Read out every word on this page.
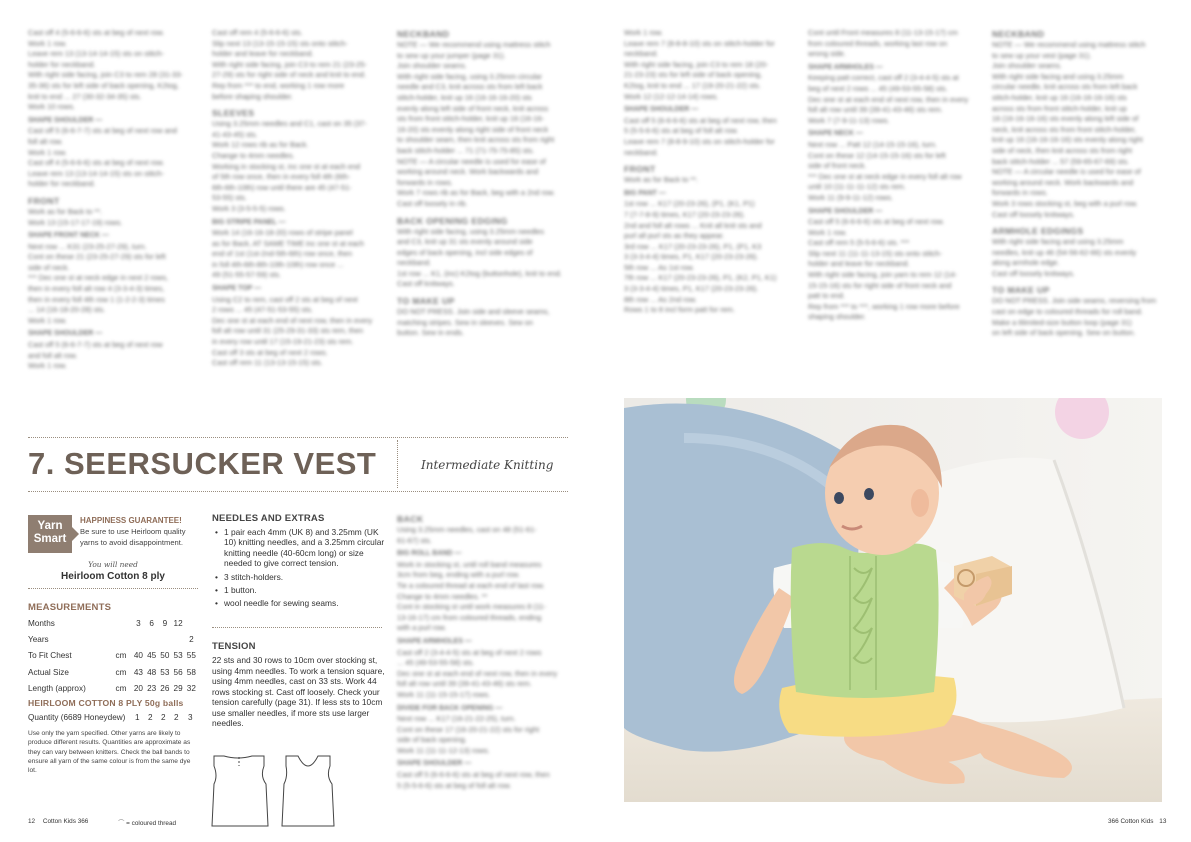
Cast off 4 (5-6-6-6) sts at beg of next row.
Work 1 row.
Leave rem 13 (13-14-14-15) sts on stitch-
holder for neckband.
With right side facing, join C3 to rem 28 (31-33-
35-36) sts for left side of back opening, K2tog,
knit to end ... 27 (30-32-34-35) sts.
Work 10 rows.
SHAPE SHOULDER —
Cast off 5 (6-6-7-7) sts at beg of next row and
foll alt row.
Work 1 row.
Cast off 4 (5-6-6-6) sts at beg of next row.
Leave rem 13 (13-14-14-15) sts on stitch-
holder for neckband.
FRONT
Work as for Back to **.
Work 13 (15-17-17-19) rows.
SHAPE FRONT NECK —
Next row ... K31 (23-25-27-29), turn.
Cont on these 21 (23-25-27-29) sts for left
side of neck.
*** Dec one st at neck edge in next 2 rows,
then in every foll alt row 4 (3-3-4-3) times,
then in every foll 4th row 1 (1-2-2-3) times
... 14 (16-18-20-28) sts.
Work 1 row.
SHAPE SHOULDER —
Cast off 5 (6-6-7-7) sts at beg of next row
and foll alt row.
Work 1 row.
Cast off rem 4 (5-6-6-6) sts.
Slip next 13 (13-15-15-15) sts onto stitch-
holder and leave for neckband.
With right side facing, join C3 to rem 21 (23-25-
27-29) sts for right side of neck and knit to end.
Rep from *** to end, working 1 row more
before shaping shoulder.
SLEEVES
Using 3.25mm needles and C1, cast on 35 (37-
41-43-45) sts.
Work 12 rows rib as for Back.
Change to 4mm needles.
Working in stocking st, inc one st at each end
of 5th row once, then in every foll 4th (6th-
6th-6th-10th) row until there are 45 (47-51-
53-55) sts.
Work 3 (3-5-5-5) rows.
BIG STRIPE PANEL —
Work 14 (16-16-18-20) rows of stripe panel
as for Back, AT SAME TIME inc one st at each
end of 1st (1st-2nd-5th-6th) row once, then
in foll 4th-6th-8th-10th-10th) row once ...
49 (51-55-57-59) sts.
SHAPE TOP —
Using C2 to rem, cast off 2 sts at beg of next
2 rows ... 45 (47-51-53-55) sts.
Dec one st at each end of next row, then in every
foll alt row until 31 (25-29-31-33) sts rem, then
in every row until 17 (15-19-21-23) sts rem.
Cast off 3 sts at beg of next 2 rows.
Cast off rem 11 (13-13-15-15) sts.
NECKBAND
NOTE — We recommend using mattress stitch
to sew up your jumper (page 31).
Join shoulder seams.
With right side facing, using 3.25mm circular
needle and C3, knit across sts from left back
stitch-holder, knit up 16 (16-16-16-20) sts
evenly along left side of front neck, knit across
sts from front stitch-holder, knit up 16 (16-16-
16-20) sts evenly along right side of front neck
to shoulder seam, then knit across sts from right
back stitch-holder ... 71 (71-75-75-85) sts.
NOTE — A circular needle is used for ease of
working around neck. Work backwards and
forwards in rows.
Work 7 rows rib as for Back, beg with a 2nd row.
Cast off loosely in rib.
BACK OPENING EDGING
With right side facing, using 3.25mm needles
and C3, knit up 31 sts evenly around side
edges of back opening, incl side edges of
neckband.
1st row ... K1, (inc) K2tog (buttonhole), knit to end.
Cast off knitways.
TO MAKE UP
DO NOT PRESS. Join side and sleeve seams,
matching stripes. Sew in sleeves. Sew on
button. Sew in ends.
7. SEERSUCKER VEST	Intermediate Knitting
Yarn
Smart
HAPPINESS GUARANTEE!
Be sure to use Heirloom quality yarns to avoid disappointment.
You will need
Heirloom Cotton 8 ply
MEASUREMENTS
Months		3	6	9	12	
Years						2
To Fit Chest	cm	40	45	50	53	55
Actual Size	cm	43	48	53	56	58
Length (approx)	cm	20	23	26	29	32
HEIRLOOM COTTON 8 PLY 50g balls
Quantity (6689 Honeydew) 1 2 2 2 3
Use only the yarn specified. Other yarns are likely to produce different results. Quantities are approximate as they can vary between knitters. Check the ball bands to ensure all yarn of the same colour is from the same dye lot.
NEEDLES AND EXTRAS
• 1 pair each 4mm (UK 8) and 3.25mm (UK 10) knitting needles, and a 3.25mm circular knitting needle (40-60cm long) or size needed to give correct tension.
• 3 stitch-holders.
• 1 button.
• wool needle for sewing seams.
TENSION
22 sts and 30 rows to 10cm over stocking st, using 4mm needles. To work a tension square, using 4mm needles, cast on 33 sts. Work 44 rows stocking st. Cast off loosely. Check your tension carefully (page 31). If less sts to 10cm use smaller needles, if more sts use larger needles.
BACK
Using 3.25mm needles, cast on 48 (51-61-
61-67) sts.
BIG ROLL BAND —
Work in stocking st, until roll band measures
3cm from beg, ending with a purl row.
Tie a coloured thread at each end of last row.
Change to 4mm needles. **
Cont in stocking st until work measures 8 (11-
13-16-17) cm from coloured threads, ending
with a purl row.
SHAPE ARMHOLES —
Cast off 2 (3-4-4-5) sts at beg of next 2 rows
... 45 (49-53-55-58) sts.
Dec one st at each end of next row, then in every
foll alt row until 39 (39-41-43-46) sts rem.
Work 11 (11-15-15-17) rows.
DIVIDE FOR BACK OPENING —
Next row ... K17 (16-21-22-25), turn.
Cont on these 17 (16-20-21-22) sts for right
side of back opening.
Work 11 (11-11-12-13) rows.
SHAPE SHOULDER —
Cast off 5 (6-6-6-6) sts at beg of next row, then
5 (5-5-6-6) sts at beg of foll alt row.
12 Cotton Kids 366	⌒ = coloured thread
Work 1 row.
Leave rem 7 (8-8-8-10) sts on stitch-holder for
neckband.
With right side facing, join C3 to rem 18 (20-
21-23-23) sts for left side of back opening,
K2tog, knit to end ... 17 (19-20-21-22) sts.
Work 12 (12-12-14-14) rows.
SHAPE SHOULDER —
Cast off 5 (6-6-6-6) sts at beg of next row, then
5 (5-5-6-6) sts at beg of foll alt row.
Leave rem 7 (8-8-9-10) sts on stitch-holder for
neckband.
FRONT
Work as for Back to **.
BIG PANT —
1st row ... K17 (20-23-26), (P1, (K1, P1)
7 (7-7-8-9) times, K17 (20-23-23-26).
2nd and foll alt rows ... Knit all knit sts and
purl all purl sts as they appear.
3rd row ... K17 (20-23-23-26), P1, (P1, K3
3 (3-3-4-4) times, P1, K17 (20-23-23-26).
5th row ... As 1st row.
7th row ... K17 (20-23-23-26), P1, (K2, P1, K1)
3 (3-3-4-4) times, P1, K17 (20-23-23-26).
8th row ... As 2nd row.
Rows 1 to 8 incl form patt for rem.
Cont until Front measures 8 (11-13-15-17) cm
from coloured threads, working last row on
wrong side.
SHAPE ARMHOLES —
Keeping patt correct, cast off 2 (3-4-4-5) sts at
beg of next 2 rows ... 45 (49-53-55-58) sts.
Dec one st at each end of next row, then in every
foll alt row until 39 (39-41-43-46) sts rem.
Work 7 (7-9-11-13) rows.
SHAPE NECK —
Next row ... Patt 12 (14-15-15-16), turn.
Cont on these 12 (14-15-15-16) sts for left
side of front neck.
*** Dec one st at neck edge in every foll alt row
until 10 (11-11-11-12) sts rem.
Work 11 (9-9-11-12) rows.
SHAPE SHOULDER —
Cast off 5 (6-6-6-6) sts at beg of next row.
Work 1 row.
Cast off rem 5 (5-5-6-6) sts. ***
Slip next 11 (11-11-13-15) sts onto stitch-
holder and leave for neckband.
With right side facing, join yarn to rem 12 (14-
15-15-16) sts for right side of front neck and
patt to end.
Rep from *** to ***, working 1 row more before
shaping shoulder.
NECKBAND
NOTE — We recommend using mattress stitch
to sew up your vest (page 31).
Join shoulder seams.
With right side facing and using 3.25mm
circular needle, knit across sts from left back
stitch-holder, knit up 16 (16-16-16-16) sts
across sts from front stitch-holder, knit up
16 (16-16-16-16) sts evenly along left side of
neck, knit across sts from front stitch-holder,
knit up 16 (16-16-16-16) sts evenly along right
side of neck, then knit across sts from right
back stitch-holder ... 57 (59-65-67-69) sts.
NOTE — A circular needle is used for ease of
working around neck. Work backwards and
forwards in rows.
Work 3 rows stocking st, beg with a purl row.
Cast off loosely knitways.
ARMHOLE EDGINGS
With right side facing and using 3.25mm
needles, knit up 46 (54-56-62-66) sts evenly
along armhole edge.
Cast off loosely knitways.
TO MAKE UP
DO NOT PRESS. Join side seams, reversing from
cast on edge to coloured threads for roll band.
Make a 6limited-size button loop (page 31)
on left side of back opening. Sew on button.
366 Cotton Kids 13
